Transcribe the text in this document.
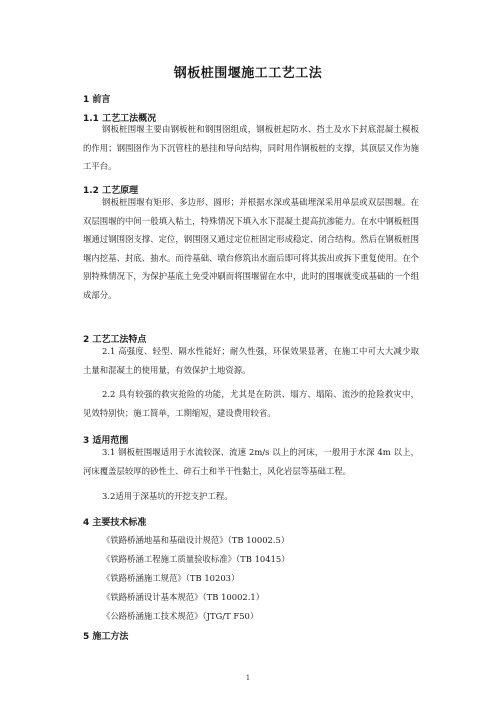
钢板桩围堰施工工艺工法
1 前言
1.1 工艺工法概况
钢板桩围堰主要由钢板桩和钢围囹组成，钢板桩起防水、挡土及水下封底混凝土模板的作用；钢围囹作为下沉管柱的悬挂和导向结构，同时用作钢板桩的支撑，其顶层又作为施工平台。
1.2 工艺原理
钢板桩围堰有矩形、多边形、圆形；并根据水深或基础埋深采用单层或双层围堰。在双层围堰的中间一般填入粘土，特殊情况下填入水下混凝土提高抗渗能力。在水中钢板桩围堰通过钢围囹支撑、定位，钢围囹又通过定位桩固定形成稳定、闭合结构。然后在钢板桩围堰内挖基、封底、抽水。而待基础、墩台修筑出水面后即可将其拔出或拆下重复使用。在个别特殊情况下，为保护基底土免受冲刷而将围堰留在水中，此时的围堰就变成基础的一个组成部分。
2 工艺工法特点
2.1 高强度、轻型、隔水性能好；耐久性强，环保效果显著，在施工中可大大减少取土量和混凝土的使用量，有效保护土地资源。
2.2 具有较强的救灾抢险的功能，尤其是在防洪、塌方、塌陷、流沙的抢险救灾中，见效特别快；施工简单，工期缩短，建设费用较省。
3 适用范围
3.1 钢板桩围堰适用于水流较深、流速 2m/s 以上的河床，一般用于水深 4m 以上，河床覆盖层较厚的砂性土、碎石土和半干性黏土，风化岩层等基础工程。
3.2适用于深基坑的开挖支护工程。
4 主要技术标准
《铁路桥涵地基和基础设计规范》（TB 10002.5）
《铁路桥涵工程施工质量验收标准》（TB 10415）
《铁路桥涵施工规范》（TB 10203）
《铁路桥涵设计基本规范》（TB 10002.1）
《公路桥涵施工技术规范》（JTG/T F50）
5 施工方法
1
